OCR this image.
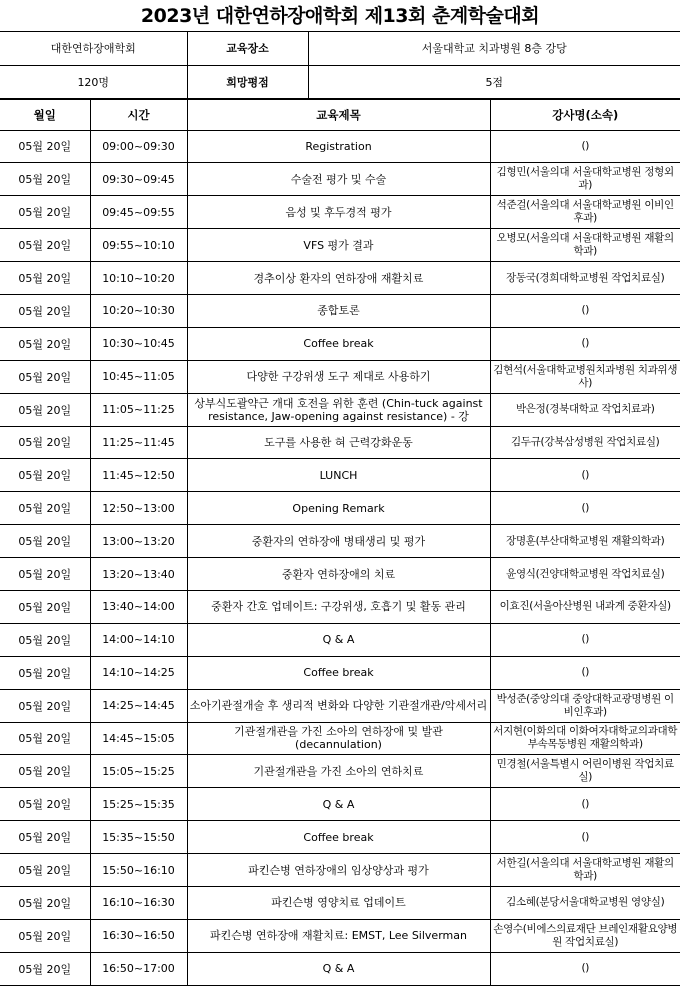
2023년 대한연하장애학회 제13회 춘계학술대회
대한연하장애학회	교육장소	서울대학교 치과병원 8층 강당
120명	희망평점	5점
월일	시간	교육제목	강사명(소속)
05월 20일	09:00~09:30	Registration	()
05월 20일	09:30~09:45	수술전 평가 및 수술	김형민(서울의대 서울대학교병원 정형외과)
05월 20일	09:45~09:55	음성 및 후두경적 평가	석준걸(서울의대 서울대학교병원 이비인후과)
05월 20일	09:55~10:10	VFS 평가 결과	오병모(서울의대 서울대학교병원 재활의학과)
05월 20일	10:10~10:20	경추이상 환자의 연하장애 재활치료	장동국(경희대학교병원 작업치료실)
05월 20일	10:20~10:30	종합토론	()
05월 20일	10:30~10:45	Coffee break	()
05월 20일	10:45~11:05	다양한 구강위생 도구 제대로 사용하기	김현석(서울대학교병원치과병원 치과위생사)
05월 20일	11:05~11:25	상부식도괄약근 개대 호전을 위한 훈련 (Chin-tuck against resistance, Jaw-opening against resistance) - 강	박은정(경북대학교 작업치료과)
05월 20일	11:25~11:45	도구를 사용한 혀 근력강화운동	김두규(강북삼성병원 작업치료실)
05월 20일	11:45~12:50	LUNCH	()
05월 20일	12:50~13:00	Opening Remark	()
05월 20일	13:00~13:20	중환자의 연하장애 병태생리 및 평가	장명훈(부산대학교병원 재활의학과)
05월 20일	13:20~13:40	중환자 연하장애의 치료	윤영식(건양대학교병원 작업치료실)
05월 20일	13:40~14:00	중환자 간호 업데이트: 구강위생, 호흡기 및 활동 관리	이효진(서울아산병원 내과계 중환자실)
05월 20일	14:00~14:10	Q & A	()
05월 20일	14:10~14:25	Coffee break	()
05월 20일	14:25~14:45	소아기관절개술 후 생리적 변화와 다양한 기관절개관/악세서리	박성준(중앙의대 중앙대학교광명병원 이비인후과)
05월 20일	14:45~15:05	기관절개관을 가진 소아의 연하장애 및 발관 (decannulation)	서지현(이화의대 이화여자대학교의과대학부속목동병원 재활의학과)
05월 20일	15:05~15:25	기관절개관을 가진 소아의 연하치료	민경철(서울특별시 어린이병원 작업치료실)
05월 20일	15:25~15:35	Q & A	()
05월 20일	15:35~15:50	Coffee break	()
05월 20일	15:50~16:10	파킨슨병 연하장애의 임상양상과 평가	서한길(서울의대 서울대학교병원 재활의학과)
05월 20일	16:10~16:30	파킨슨병 영양치료 업데이트	김소혜(분당서울대학교병원 영양실)
05월 20일	16:30~16:50	파킨슨병 연하장애 재활치료: EMST, Lee Silverman	손영수(비에스의료재단 브레인재활요양병원 작업치료실)
05월 20일	16:50~17:00	Q & A	()
